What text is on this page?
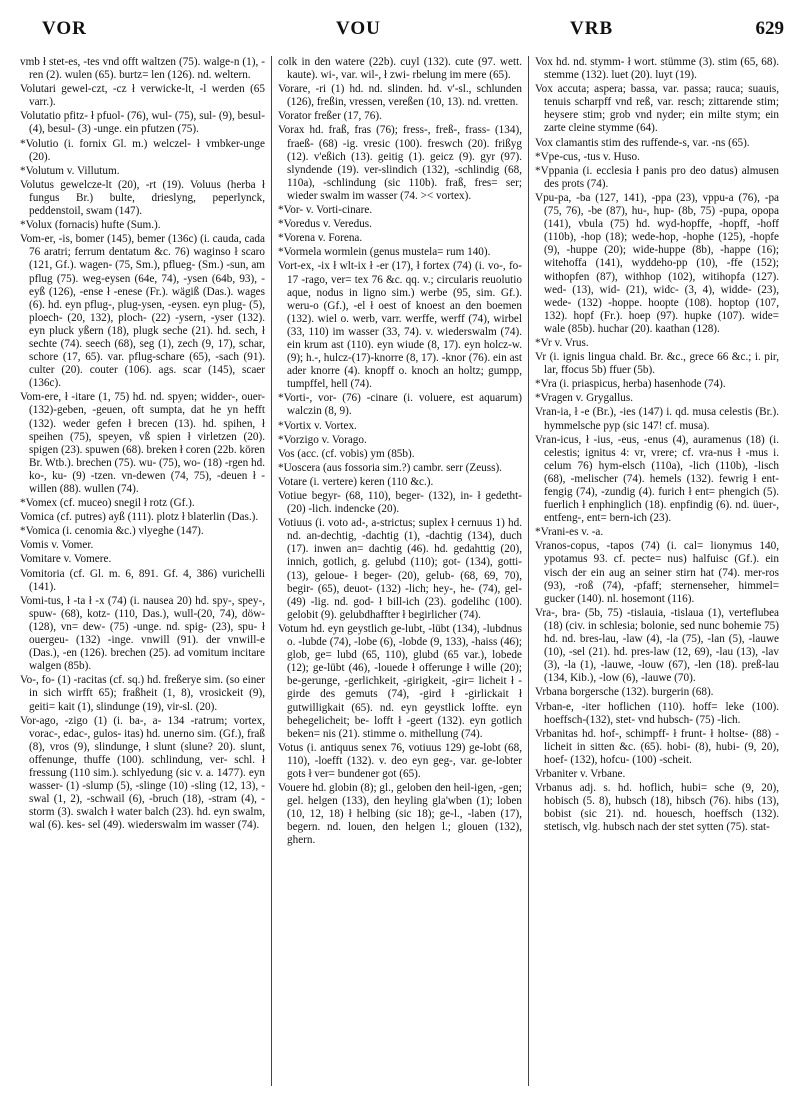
VOR	VOU	VRB	629

vmb ł stet-es, -tes vnd offt waltzen (75). walge-n (1), -ren (2). wulen (65). burtz= len (126). nd. weltern.

Volutari gewel-czt, -cz ł verwicke-lt, -l werden (65 varr.).

Volutatio pfitz- ł pfuol- (76), wul- (75), sul- (9), besul- (4), besul- (3) -unge. ein pfutzen (75).

*Volutio (i. fornix Gl. m.) welczel- ł vmbker-unge (20).

*Volutum v. Villutum.

Volutus gewelcze-lt (20), -rt (19). Voluus (herba ł fungus Br.) bulte, drieslyng, peperlynck, peddenstoil, swam (147).

*Volux (fornacis) hufte (Sum.).

Vom-er, -is, bomer (145), bemer (136c) (i. cauda, cada 76 aratri; ferrum dentatum &c. 76) waginso ł scaro (121, Gf.). wagen- (75, Sm.), pflueg- (Sm.) -sun, am pflug (75). weg-eysen (64e, 74), -ysen (64b, 93), -eyß (126), -ense ł -enese (Fr.). wägiß (Das.). wages (6). hd. eyn pflug-, plug-ysen, -eysen. eyn plug- (5), ploech- (20, 132), ploch- (22) -ysern, -yser (132). eyn pluck yßern (18), plugk seche (21). hd. sech, ł sechte (74). seech (68), seg (1), zech (9, 17), schar, schore (17, 65). var. pflug-schare (65), -sach (91). culter (20). couter (106). ags. scar (145), scaer (136c).

Vom-ere, ł -itare (1, 75) hd. nd. spyen; widder-, ouer-(132)-geben, -geuen, oft sumpta, dat he yn hefft (132). weder gefen ł brecen (13). hd. spihen, ł speihen (75), speyen, vß spien ł virletzen (20). spigen (23). spuwen (68). breken ł coren (22b. kören Br. Wtb.). brechen (75). wu- (75), wo- (18) -rgen hd. ko-, ku- (9) -tzen. vn-dewen (74, 75), -deuen ł -willen (88). wullen (74).

*Vomex (cf. muceo) snegil ł rotz (Gf.).

Vomica (cf. putres) ayß (111). plotz ł blaterlin (Das.).

*Vomica (i. cenomia &c.) vlyeghe (147).

Vomis v. Vomer.

Vomitare v. Vomere.

Vomitoria (cf. Gl. m. 6, 891. Gf. 4, 386) vurichelli (141).

Vomi-tus, ł -ta ł -x (74) (i. nausea 20) hd. spy-, spey-, spuw- (68), kotz- (110, Das.), wull-(20, 74), döw- (128), vn= dew- (75) -unge. nd. spig- (23), spu- ł ouergeu- (132) -inge. vnwill (91). der vnwill-e (Das.), -en (126). brechen (25). ad vomitum incitare walgen (85b).

Vo-, fo- (1) -racitas (cf. sq.) hd. freßerye sim. (so einer in sich wirfft 65); fraßheit (1, 8), vrosickeit (9), geiti= kait (1), slindunge (19), vir-sl. (20).

Vor-ago, -zigo (1) (i. ba-, a- 134 -ratrum; vortex, vorac-, edac-, gulos- itas) hd. unerno sim. (Gf.), fraß (8), vros (9), slindunge, ł slunt (slune? 20). slunt, offenunge, thuffe (100). schlindung, ver- schl. ł fressung (110 sim.). schlyedung (sic v. a. 1477). eyn wasser- (1) -slump (5), -slinge (10) -sling (12, 13), -swal (1, 2), -schwail (6), -bruch (18), -stram (4), -storm (3). swalch ł water balch (23). hd. eyn swalm, wal (6). kes- sel (49). wiederswalm im wasser (74).

colk in den watere (22b). cuyl (132). cute (97. wett. kaute). wi-, var. wil-, ł zwi- rbelung im mere (65).

Vorare, -ri (1) hd. nd. slinden. hd. v'-sl., schlunden (126), freßin, vressen, vereßen (10, 13). nd. vretten.

Vorator freßer (17, 76).

Vorax hd. fraß, fras (76); fress-, freß-, frass- (134), fraeß- (68) -ig. vresic (100). freswch (20). frißyg (12). v'eßich (13). geitig (1). geicz (9). gyr (97). slyndende (19). ver-slindich (132), -schlindig (68, 110a), -schlindung (sic 110b). fraß, fres= ser; wieder swalm im wasser (74. >< vortex).

*Vor- v. Vorti-cinare.

*Voredus v. Veredus.

*Vorena v. Forena.

*Vormela wormlein (genus mustela= rum 140).

Vort-ex, -ix ł wlt-ix ł -er (17), ł fortex (74) (i. vo-, fo- 17 -rago, ver= tex 76 &c. qq. v.; circularis reuolutio aque, nodus in ligno sim.) werbe (95, sim. Gf.). weru-o (Gf.), -el ł oest of knoest an den boemen (132). wiel o. werb, varr. werffe, werff (74), wirbel (33, 110) im wasser (33, 74). v. wiederswalm (74). ein krum ast (110). eyn wiude (8, 17). eyn holcz-w. (9); h.-, hulcz-(17)-knorre (8, 17). -knor (76). ein ast ader knorre (4). knopff o. knoch an holtz; gumpp, tumpffel, hell (74).

*Vorti-, vor- (76) -cinare (i. voluere, est aquarum) walczin (8, 9).

*Vortix v. Vortex.

*Vorzigo v. Vorago.

Vos (acc. (cf. vobis) ym (85b).

*Uoscera (aus fossoria sim.?) cambr. serr (Zeuss).

Votare (i. vertere) keren (110 &c.).

Votiue begyr- (68, 110), beger- (132), in- ł gedetht- (20) -lich. indencke (20).

Votiuus (i. voto ad-, a-strictus; suplex ł cernuus 1) hd. nd. an-dechtig, -dachtig (1), -dachtig (134), duch (17). inwen an= dachtig (46). hd. gedahttig (20), innich, gotlich, g. gelubd (110); got- (134), gotti- (13), geloue- ł beger- (20), gelub- (68, 69, 70), begir- (65), deuot- (132) -lich; hey-, he- (74), gel- (49) -lig. nd. god- ł bill-ich (23). godelihc (100). gelobit (9). gelubdhaffter ł begirlicher (74).

Votum hd. eyn geystlich ge-lubt, -lübt (134), -lubdnus o. -lubde (74), -lobe (6), -lobde (9, 133), -haiss (46); glob, ge= lubd (65, 110), glubd (65 var.), lobede (12); ge-lübt (46), -louede ł offerunge ł wille (20); be-gerunge, -gerlichkeit, -girigkeit, -gir= licheit ł -girde des gemuts (74), -gird ł -girlickait ł gutwilligkait (65). nd. eyn geystlick loffte. eyn behegelicheit; be- lofft ł -geert (132). eyn gotlich beken= nis (21). stimme o. mithellung (74).

Votus (i. antiquus senex 76, votiuus 129) ge-lobt (68, 110), -loefft (132). v. deo eyn geg-, var. ge-lobter gots ł ver= bundener got (65).

Vouere hd. globin (8); gl., geloben den heil-igen, -gen; gel. helgen (133), den heyling gla'wben (1); loben (10, 12, 18) ł helbing (sic 18); ge-l., -laben (17), begern. nd. louen, den helgen l.; glouen (132), ghern.

Vox hd. nd. stymm- ł wort. stümme (3). stim (65, 68). stemme (132). luet (20). luyt (19).

Vox accuta; aspera; bassa, var. passa; rauca; suauis, tenuis scharpff vnd reß, var. resch; zittarende stim; heysere stim; grob vnd nyder; ein milte stym; ein zarte cleine stymme (64).

Vox clamantis stim des ruffende-s, var. -ns (65).

*Vpe-cus, -tus v. Huso.

*Vppania (i. ecclesia ł panis pro deo datus) almusen des prots (74).

Vpu-pa, -ba (127, 141), -ppa (23), vppu-a (76), -pa (75, 76), -be (87), hu-, hup- (8b, 75) -pupa, opopa (141), vbula (75) hd. wyd-hopffe, -hopff, -hoff (110b), -hop (18); wede-hop, -hophe (125), -hopfe (9), -huppe (20); wide-huppe (8b), -happe (16); witehoffa (141), wyddeho-pp (10), -ffe (152); withopfen (87), withhop (102), witihopfa (127). wed- (13), wid- (21), widc- (3, 4), widde- (23), wede- (132) -hoppe. hoopte (108). hoptop (107, 132). hopf (Fr.). hoep (97). hupke (107). wide= wale (85b). huchar (20). kaathan (128).

*Vr v. Vrus.

Vr (i. ignis lingua chald. Br. &c., grece 66 &c.; i. pir, lar, ffocus 5b) ffuer (5b).

*Vra (i. priaspicus, herba) hasenhode (74).

*Vragen v. Grygallus.

Vran-ia, ł -e (Br.), -ies (147) i. qd. musa celestis (Br.). hymmelsche pyp (sic 147! cf. musa).

Vran-icus, ł -ius, -eus, -enus (4), auramenus (18) (i. celestis; ignitus 4: vr, vrere; cf. vra-nus ł -mus i. celum 76) hym-elsch (110a), -lich (110b), -lisch (68), -melischer (74). hemels (132). fewrig ł ent-fengig (74), -zundig (4). furich ł ent= phengich (5). fuerlich ł enphinglich (18). enpfindig (6). nd. üuer-, entfeng-, ent= bern-ich (23).

*Vrani-es v. -a.

Vranos-copus, -tapos (74) (i. cal= lionymus 140, ypotamus 93. cf. pecte= nus) halfuisc (Gf.). ein visch der ein aug an seiner stirn hat (74). mer-ros (93), -roß (74), -pfaff; sternenseher, himmel= gucker (140). nl. hosemont (116).

Vra-, bra- (5b, 75) -tislauia, -tislaua (1), verteflubea (18) (civ. in schlesia; bolonie, sed nunc bohemie 75) hd. nd. bres-lau, -law (4), -la (75), -lan (5), -lauwe (10), -sel (21). hd. pres-law (12, 69), -lau (13), -lav (3), -la (1), -lauwe, -louw (67), -len (18). preß-lau (134, Kib.), -low (6), -lauwe (70).

Vrbana borgersche (132). burgerin (68).

Vrban-e, -iter hoflichen (110). hoff= leke (100). hoeffsch-(132), stet- vnd hubsch- (75) -lich.

Vrbanitas hd. hof-, schimpff- ł frunt- ł holtse- (88) -licheit in sitten &c. (65). hobi- (8), hubi- (9, 20), hoef- (132), hofcu- (100) -scheit.

Vrbaniter v. Vrbane.

Vrbanus adj. s. hd. hoflich, hubi= sche (9, 20), hobisch (5. 8), hubsch (18), hibsch (76). hibs (13), bobist (sic 21). nd. houesch, hoeffsch (132). stetisch, vlg. hubsch nach der stet sytten (75). stat-
